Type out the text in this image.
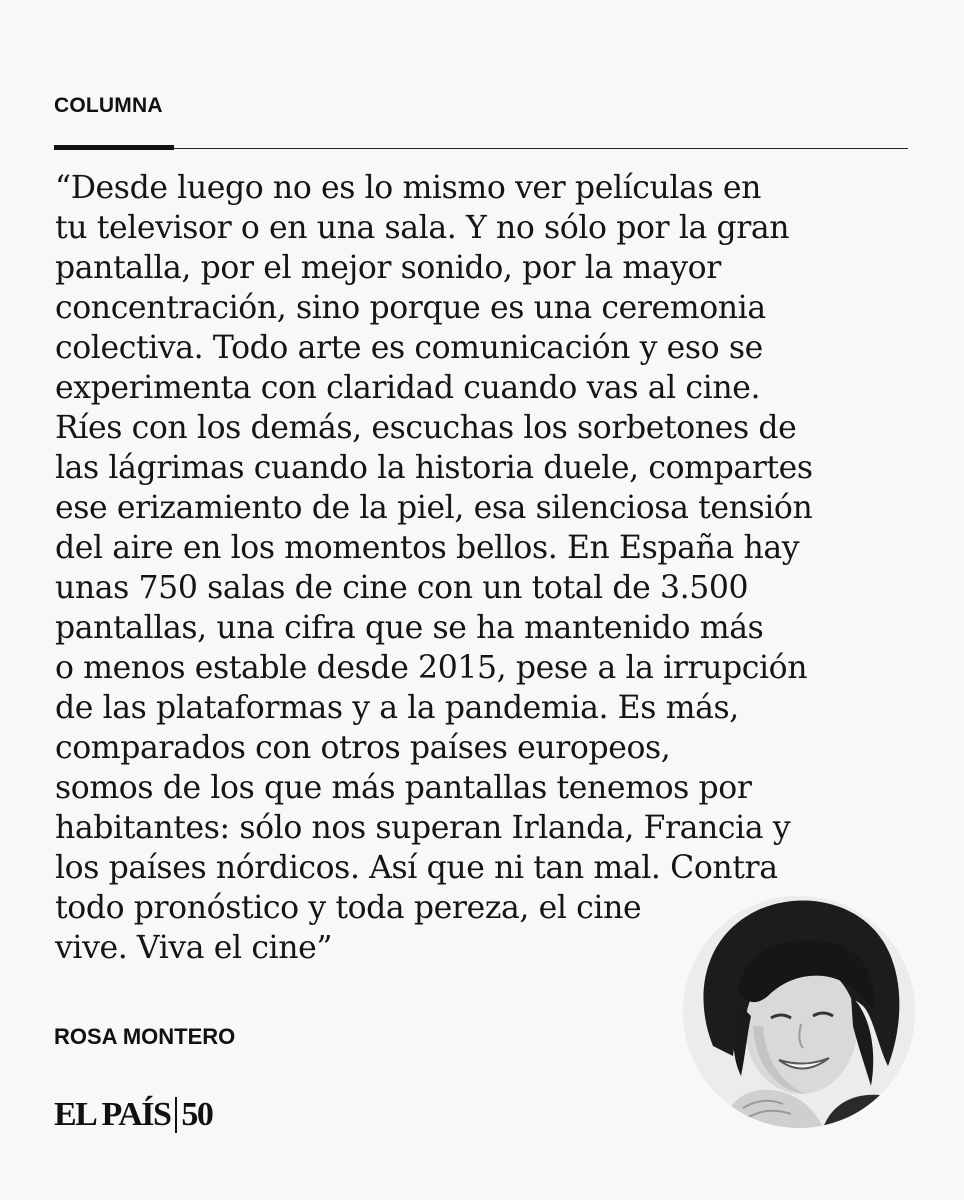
COLUMNA

“Desde luego no es lo mismo ver películas en
tu televisor o en una sala. Y no sólo por la gran
pantalla, por el mejor sonido, por la mayor
concentración, sino porque es una ceremonia
colectiva. Todo arte es comunicación y eso se
experimenta con claridad cuando vas al cine.
Ríes con los demás, escuchas los sorbetones de
las lágrimas cuando la historia duele, compartes
ese erizamiento de la piel, esa silenciosa tensión
del aire en los momentos bellos. En España hay
unas 750 salas de cine con un total de 3.500
pantallas, una cifra que se ha mantenido más
o menos estable desde 2015, pese a la irrupción
de las plataformas y a la pandemia. Es más,
comparados con otros países europeos,
somos de los que más pantallas tenemos por
habitantes: sólo nos superan Irlanda, Francia y
los países nórdicos. Así que ni tan mal. Contra
todo pronóstico y toda pereza, el cine
vive. Viva el cine”

ROSA MONTERO
EL PAÍS 50
